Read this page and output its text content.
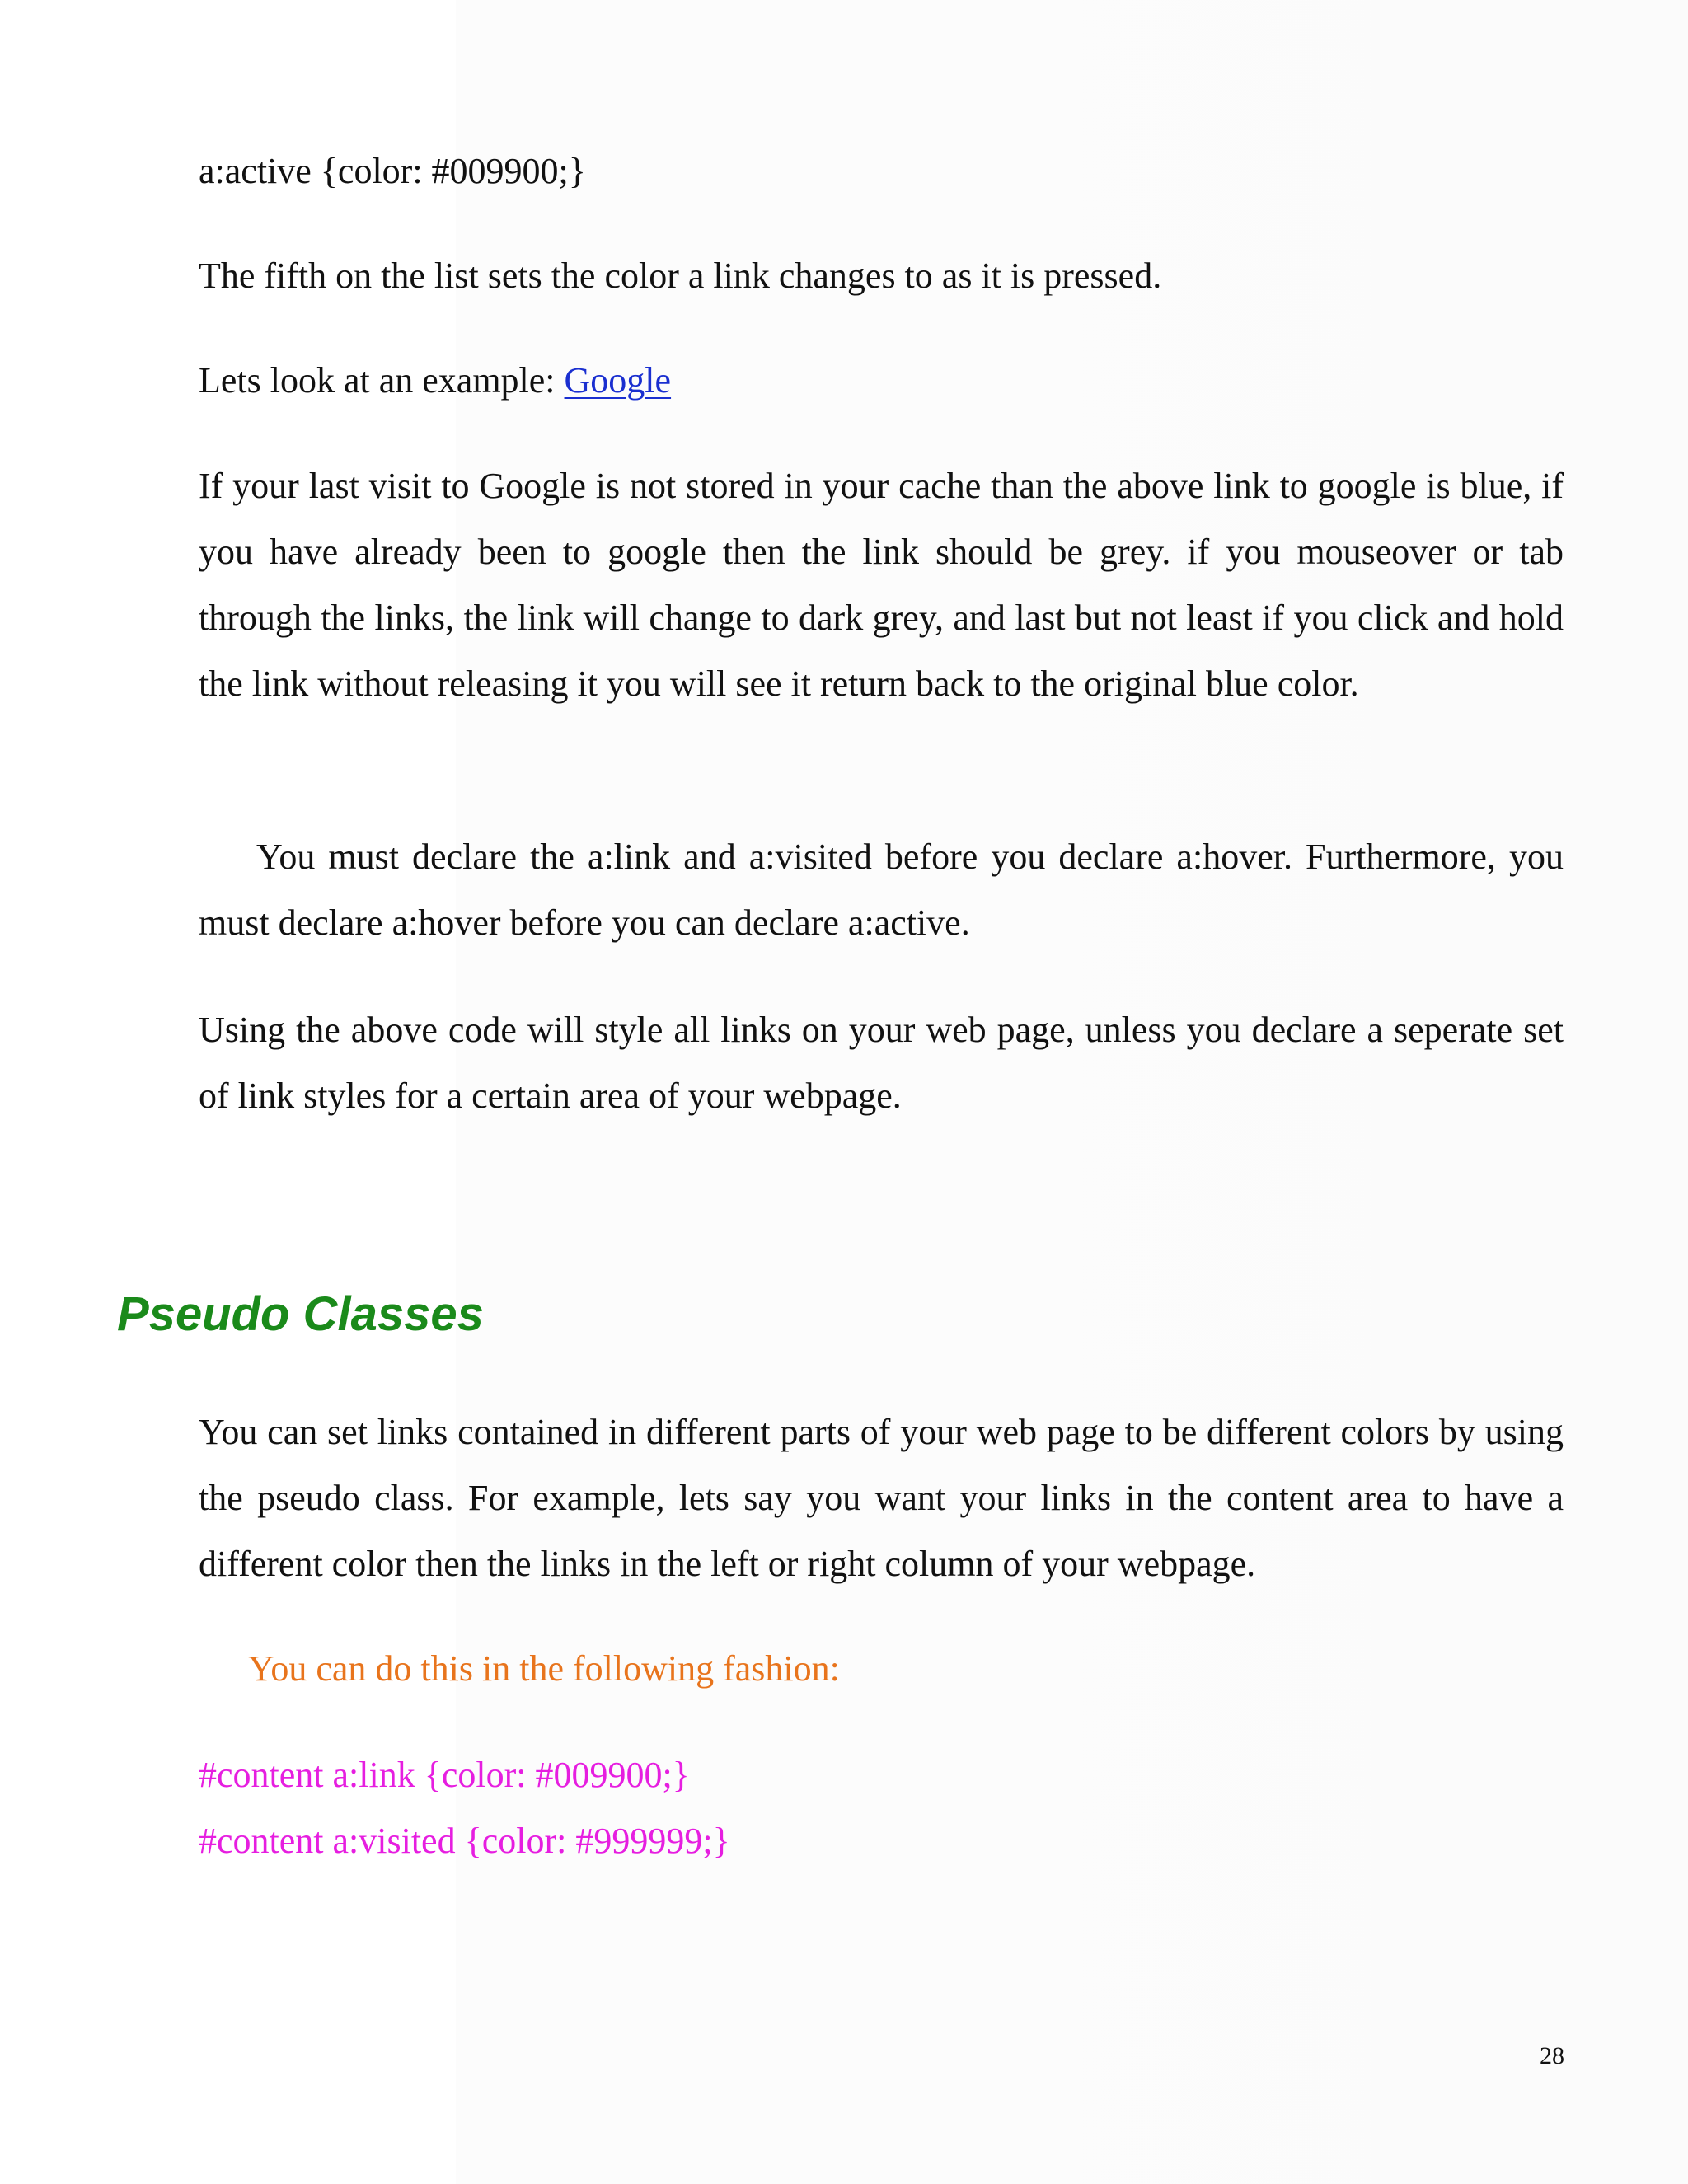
a:active {color: #009900;}
The fifth on the list sets the color a link changes to as it is pressed.
Lets look at an example: Google
If your last visit to Google is not stored in your cache than the above link to google is blue, if you have already been to google then the link should be grey. if you mouseover or tab through the links, the link will change to dark grey, and last but not least if you click and hold the link without releasing it you will see it return back to the original blue color.
You must declare the a:link and a:visited before you declare a:hover. Furthermore, you must declare a:hover before you can declare a:active.
Using the above code will style all links on your web page, unless you declare a seperate set of link styles for a certain area of your webpage.
You can set links contained in different parts of your web page to be different colors by using the pseudo class. For example, lets say you want your links in the content area to have a different color then the links in the left or right column of your webpage.
You can do this in the following fashion:
#content a:link {color: #009900;}
#content a:visited {color: #999999;}
Pseudo Classes
28
